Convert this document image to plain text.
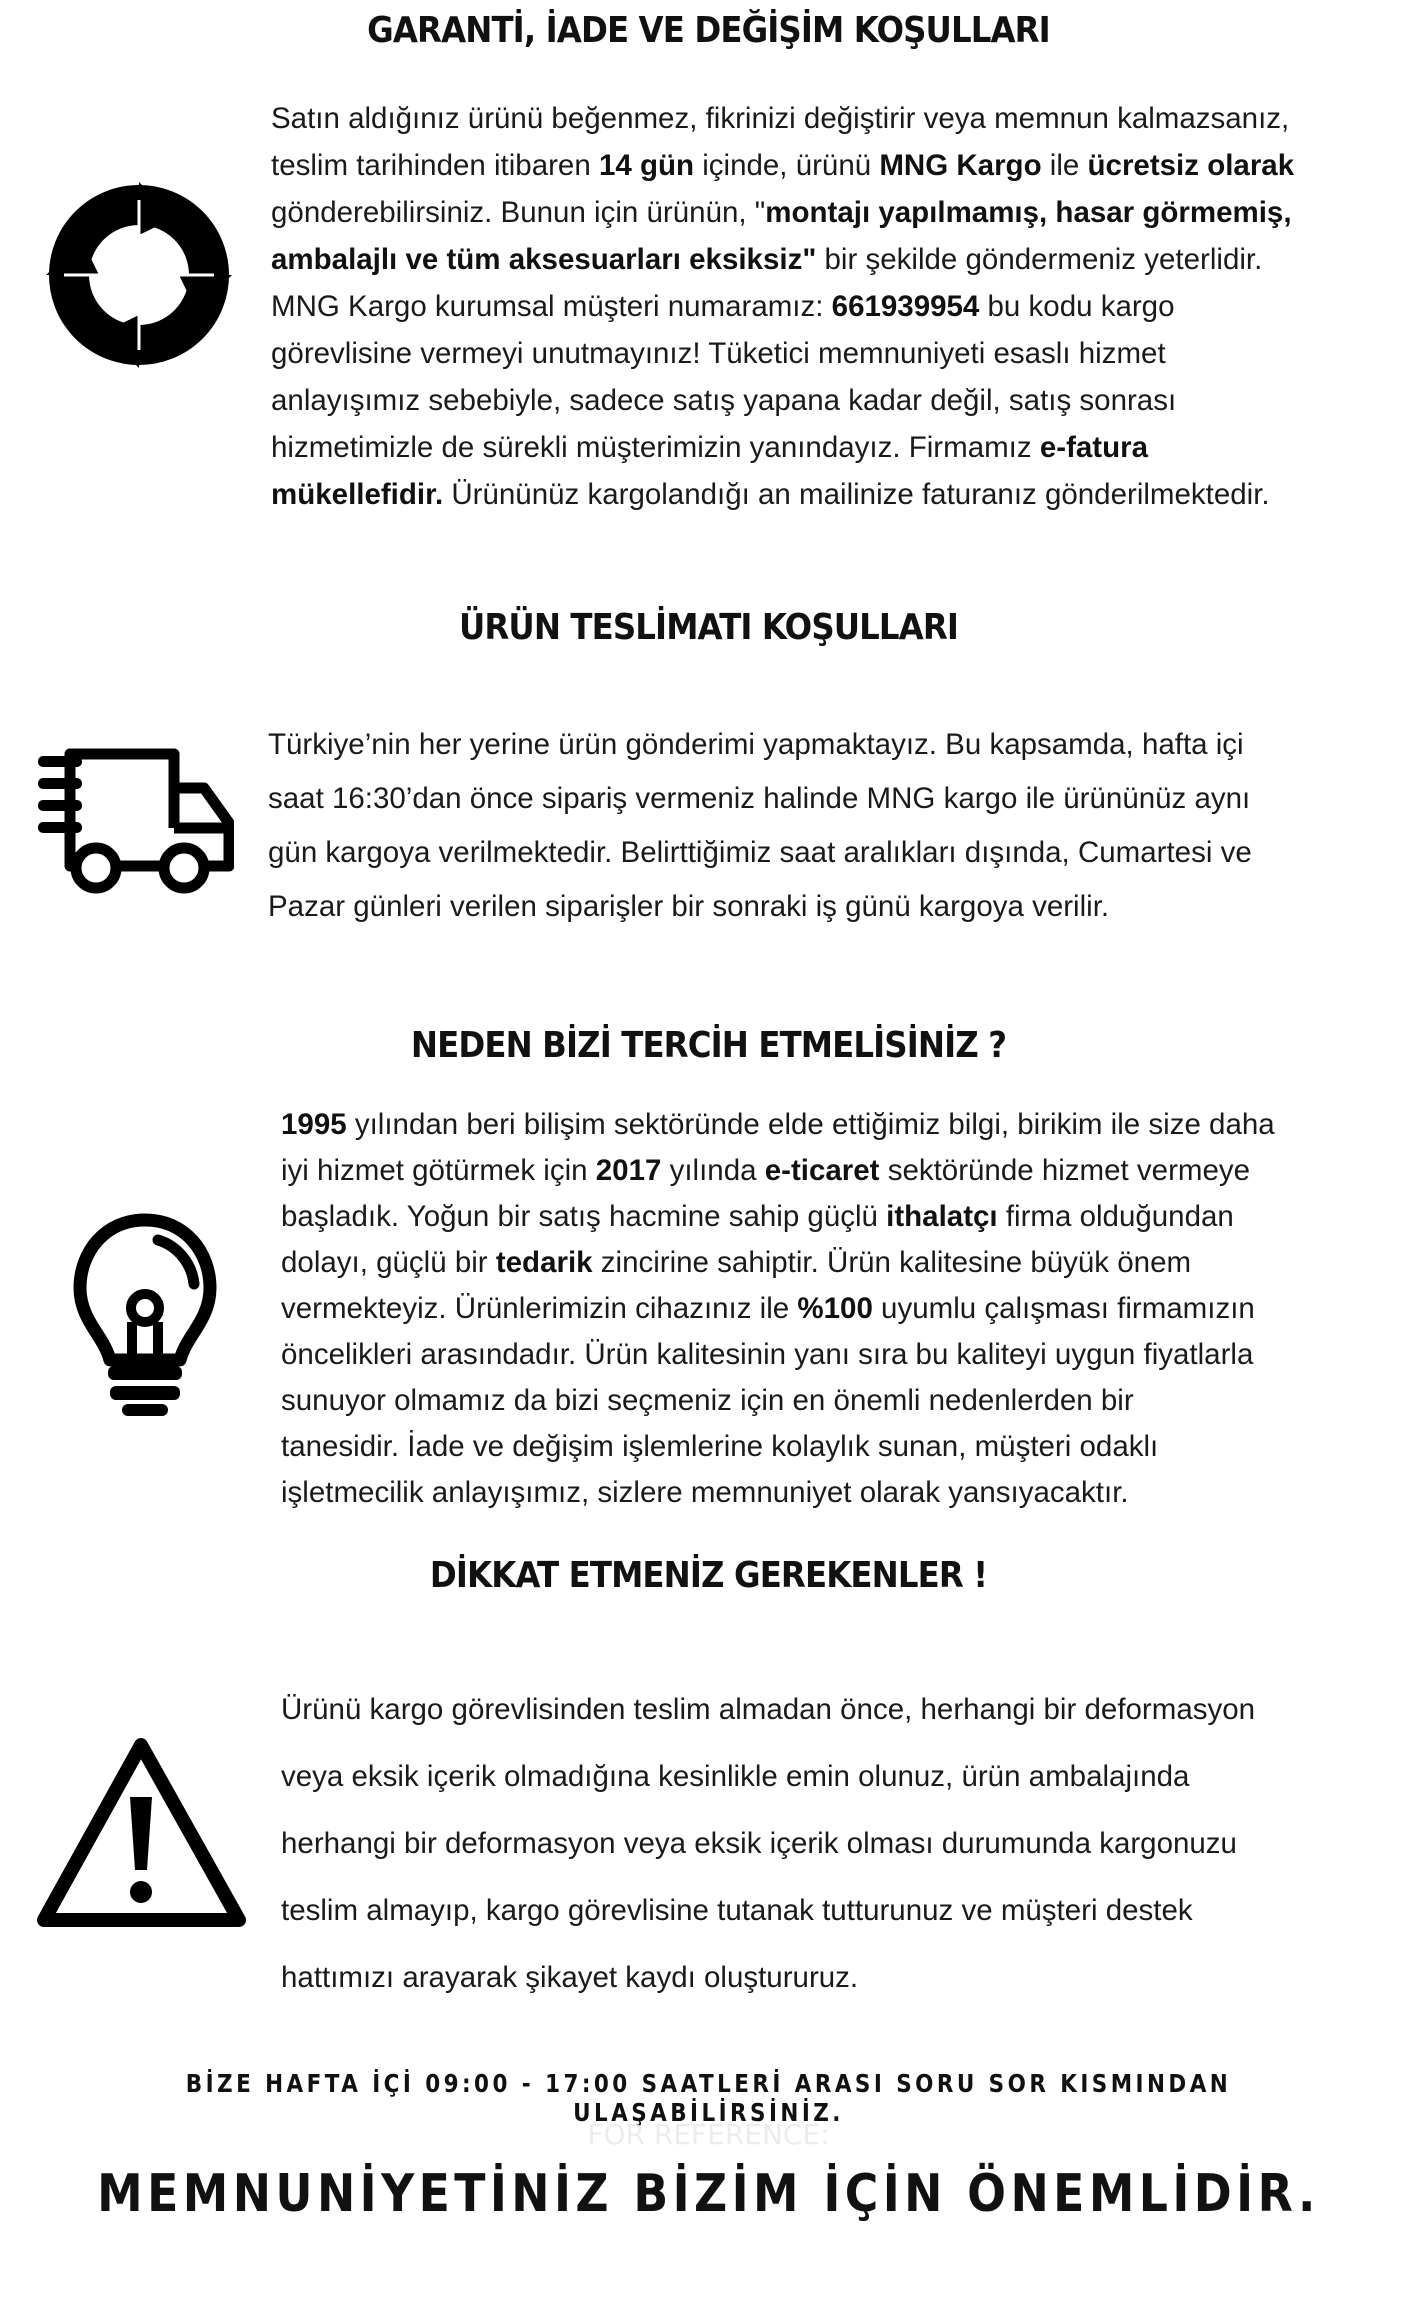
GARANTİ, İADE VE DEĞİŞİM KOŞULLARI
Satın aldığınız ürünü beğenmez, fikrinizi değiştirir veya memnun kalmazsanız,
teslim tarihinden itibaren 14 gün içinde, ürünü MNG Kargo ile ücretsiz olarak
gönderebilirsiniz. Bunun için ürünün, "montajı yapılmamış, hasar görmemiş,
ambalajlı ve tüm aksesuarları eksiksiz" bir şekilde göndermeniz yeterlidir.
MNG Kargo kurumsal müşteri numaramız: 661939954 bu kodu kargo
görevlisine vermeyi unutmayınız! Tüketici memnuniyeti esaslı hizmet
anlayışımız sebebiyle, sadece satış yapana kadar değil, satış sonrası
hizmetimizle de sürekli müşterimizin yanındayız. Firmamız e-fatura
mükellefidir. Ürününüz kargolandığı an mailinize faturanız gönderilmektedir.
ÜRÜN TESLİMATI KOŞULLARI
Türkiye’nin her yerine ürün gönderimi yapmaktayız. Bu kapsamda, hafta içi
saat 16:30’dan önce sipariş vermeniz halinde MNG kargo ile ürününüz aynı
gün kargoya verilmektedir. Belirttiğimiz saat aralıkları dışında, Cumartesi ve
Pazar günleri verilen siparişler bir sonraki iş günü kargoya verilir.
NEDEN BİZİ TERCİH ETMELİSİNİZ ?
1995 yılından beri bilişim sektöründe elde ettiğimiz bilgi, birikim ile size daha
iyi hizmet götürmek için 2017 yılında e-ticaret sektöründe hizmet vermeye
başladık. Yoğun bir satış hacmine sahip güçlü ithalatçı firma olduğundan
dolayı, güçlü bir tedarik zincirine sahiptir. Ürün kalitesine büyük önem
vermekteyiz. Ürünlerimizin cihazınız ile %100 uyumlu çalışması firmamızın
öncelikleri arasındadır. Ürün kalitesinin yanı sıra bu kaliteyi uygun fiyatlarla
sunuyor olmamız da bizi seçmeniz için en önemli nedenlerden bir
tanesidir. İade ve değişim işlemlerine kolaylık sunan, müşteri odaklı
işletmecilik anlayışımız, sizlere memnuniyet olarak yansıyacaktır.
DİKKAT ETMENİZ GEREKENLER !
Ürünü kargo görevlisinden teslim almadan önce, herhangi bir deformasyon
veya eksik içerik olmadığına kesinlikle emin olunuz, ürün ambalajında
herhangi bir deformasyon veya eksik içerik olması durumunda kargonuzu
teslim almayıp, kargo görevlisine tutanak tutturunuz ve müşteri destek
hattımızı arayarak şikayet kaydı oluştururuz.

BİZE HAFTA İÇİ 09:00 - 17:00 SAATLERİ ARASI SORU SOR KISMINDAN ULAŞABİLİRSİNİZ.

FOR REFERENCE:

MEMNUNİYETİNİZ BİZİM İÇİN ÖNEMLİDİR.
